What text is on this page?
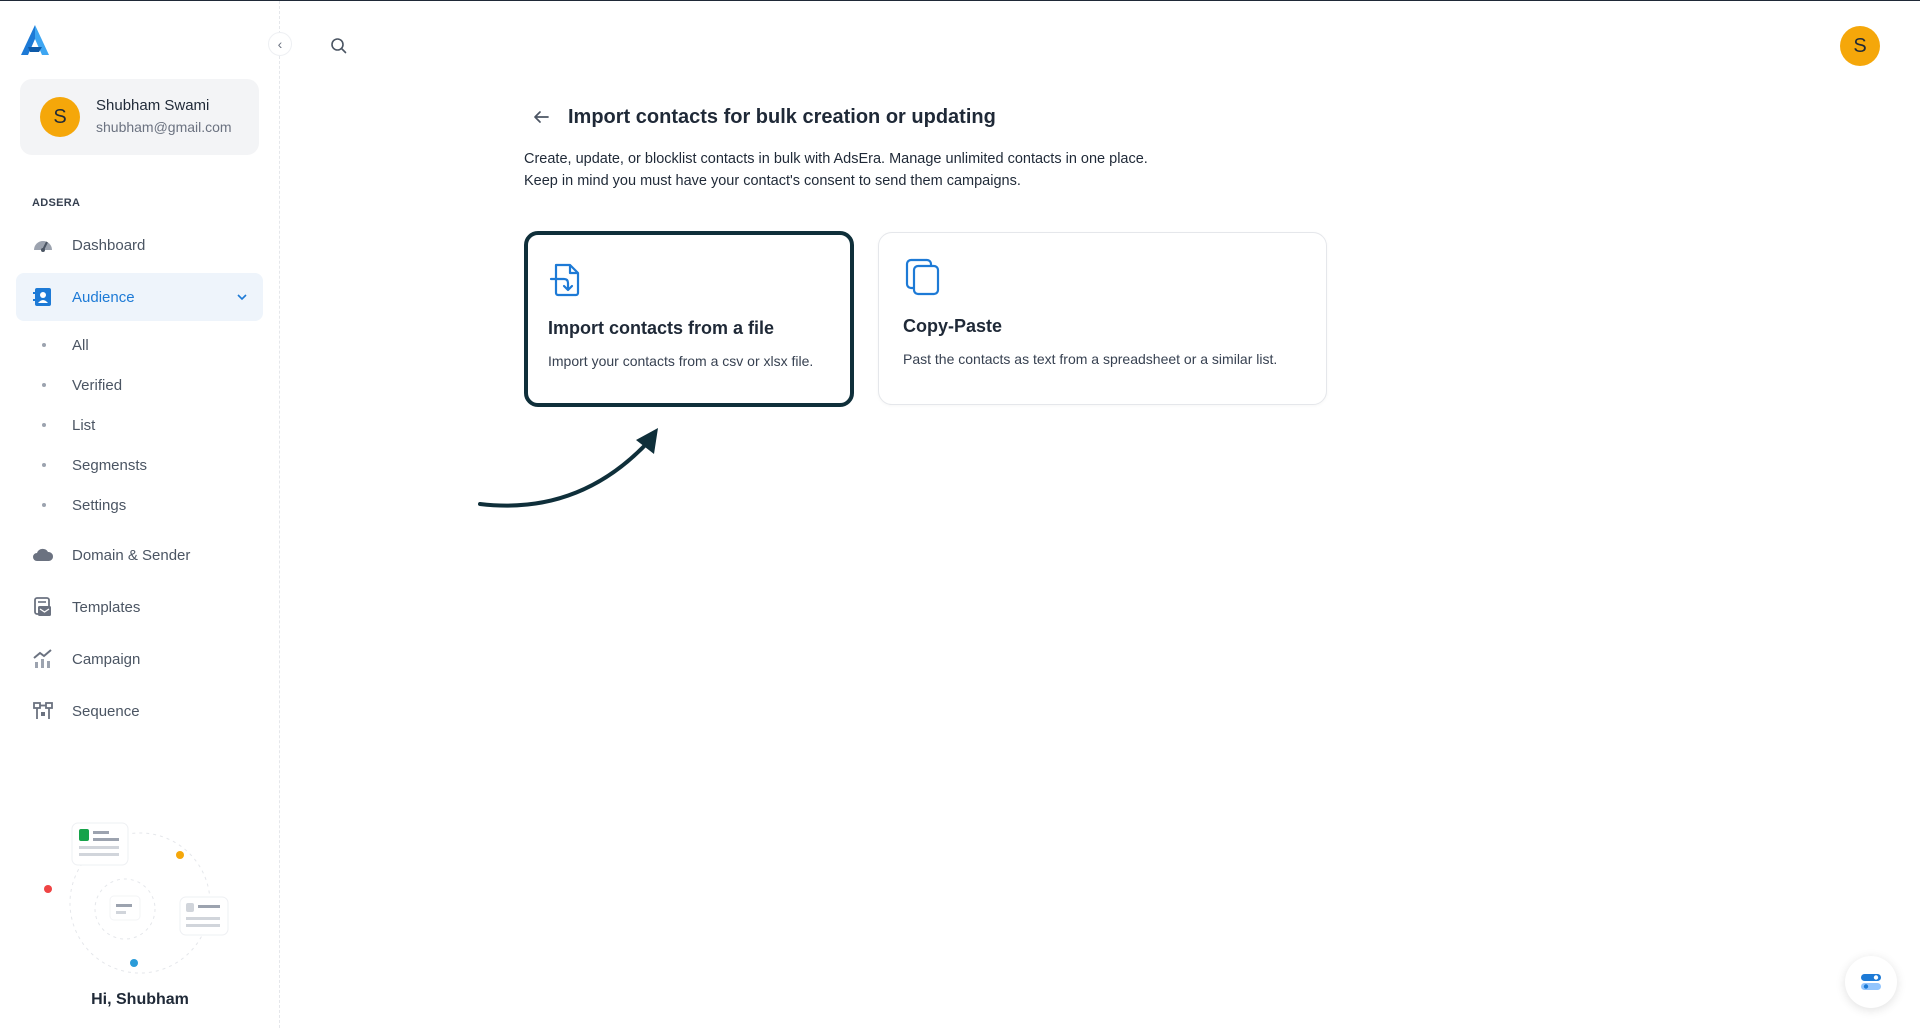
S	Shubham Swami
shubham@gmail.com
ADSERA
Dashboard
Audience
All
Verified
List
Segmensts
Settings
Domain & Sender
Templates
Campaign
Sequence
Hi, Shubham
‹	S
Import contacts for bulk creation or updating
Create, update, or blocklist contacts in bulk with AdsEra. Manage unlimited contacts in one place.
Keep in mind you must have your contact's consent to send them campaigns.
Import contacts from a file
Import your contacts from a csv or xlsx file.
Copy-Paste
Past the contacts as text from a spreadsheet or a similar list.
